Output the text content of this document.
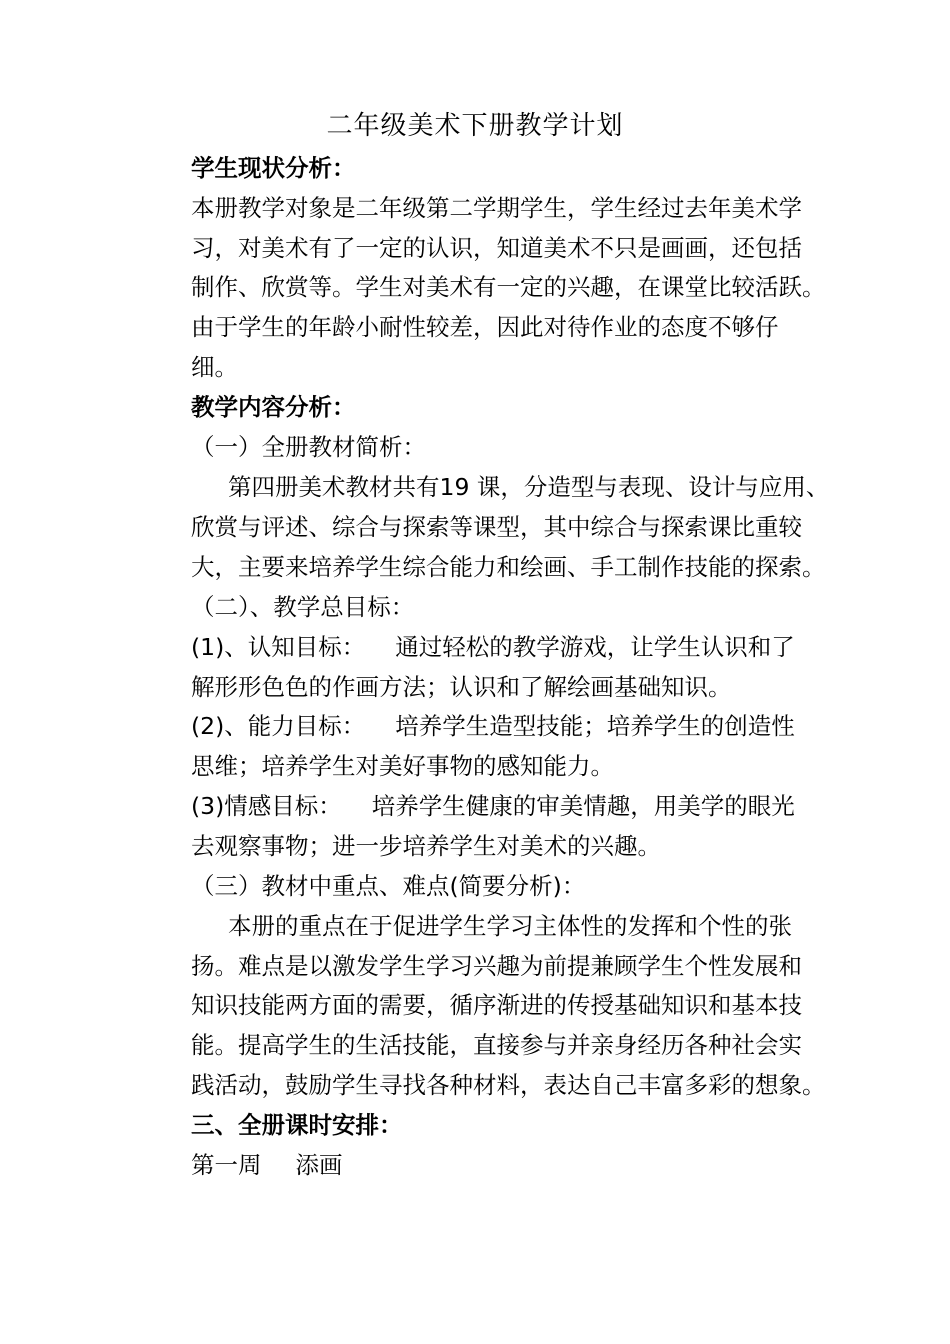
二年级美术下册教学计划
学生现状分析：
本册教学对象是二年级第二学期学生，学生经过去年美术学
习，对美术有了一定的认识，知道美术不只是画画，还包括
制作、欣赏等。学生对美术有一定的兴趣，在课堂比较活跃。
由于学生的年龄小耐性较差，因此对待作业的态度不够仔
细。
教学内容分析：
（一）全册教材简析：
第四册美术教材共有19 课，分造型与表现、设计与应用、
欣赏与评述、综合与探索等课型，其中综合与探索课比重较
大，主要来培养学生综合能力和绘画、手工制作技能的探索。
（二）、教学总目标：
(1)、认知目标： 通过轻松的教学游戏，让学生认识和了
解形形色色的作画方法；认识和了解绘画基础知识。
(2)、能力目标： 培养学生造型技能；培养学生的创造性
思维；培养学生对美好事物的感知能力。
(3)情感目标： 培养学生健康的审美情趣，用美学的眼光
去观察事物；进一步培养学生对美术的兴趣。
（三）教材中重点、难点(简要分析)：
本册的重点在于促进学生学习主体性的发挥和个性的张
扬。难点是以激发学生学习兴趣为前提兼顾学生个性发展和
知识技能两方面的需要，循序渐进的传授基础知识和基本技
能。提高学生的生活技能，直接参与并亲身经历各种社会实
践活动，鼓励学生寻找各种材料，表达自己丰富多彩的想象。
三、全册课时安排：
第一周 添画
